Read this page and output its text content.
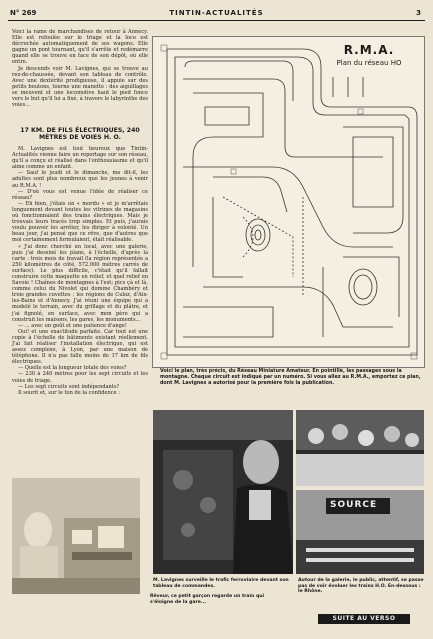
N° 269	TINTIN-ACTUALITÉS	3

Voici la rame de marchandises de retour à Annecy. Elle est refoulée sur le triage et la loco est décrochée automatiquement de ses wagons. Elle gagne un pont tournant, qu'il s'arrête et redémarre quand elle se trouve en face de son dépôt, où elle entre.

Je descends voir M. Lavignes, qui se trouve au rez-de-chaussée, devant son tableau de contrôle. Avec une dextérité prodigieuse, il appuie sur des petits boutons, tourne une manette : des aiguillages se meuvent et une locomotive haut le pied fonce vers le but qu'il lui a fixé, à travers le labyrinthe des voies...

17 KM. DE FILS ÉLECTRIQUES, 240 MÈTRES DE VOIES H. O.

M. Lavignes est tout heureux que Tintin-Actualités vienne faire un reportage sur son réseau, qu'il a conçu et réalisé dans l'enthousiasme et qu'il aime comme un enfant.

— Sauf le jeudi et le dimanche, me dit-il, les adultes sont plus nombreux que les jeunes à venir au R.M.A. !

— D'où vous est venue l'idée de réaliser ce réseau?

— Eh bien, j'étais un « mordu » et je m'arrêtais longuement devant toutes les vitrines de magasins où fonctionnaient des trains électriques. Mais je trouvais leurs tracés trop simples. Et puis, j'aurais voulu pouvoir les arrêter, les diriger à volonté. Un beau jour, j'ai pensé que ce rêve, que d'autres que moi certainement formulaient, était réalisable.

« J'ai donc cherché un local, avec une galerie, puis j'ai dessiné les plans, à l'échelle, d'après la carte : trois mois de travail (la région représentée a 250 kilomètres de côté, 572.000 mètres carrés de surface). Le plus difficile, c'était qu'il fallait construire cette maquette en relief, et quel relief en Savoie ! Chaînes de montagnes à l'est; pics çà et là, comme celui du Nivolet qui domine Chambéry et trois grandes cuvettes : les régions de Culoz, d'Aix-les-Bains et d'Annecy. J'ai réuni une équipe qui a modelé le terrain, avec du grillage et du plâtre, et j'ai fignolé, en surface, avec mon père qui a construit les maisons, les gares, les monuments...

— ... avec un goût et une patience d'ange!

Oui! et une exactitude parfaite. Car tout est une copie à l'échelle de bâtiments existant réellement. J'ai fait réaliser l'installation électrique, qui est assez complexe, à Lyon, par une maison de téléphone. Il n'a pas fallu moins de 17 km de fils électriques.

— Quelle est la longueur totale des voies?

— 230 à 240 mètres pour les sept circuits et les voies de triage.

— Les sept circuits sont indépendants?

Il sourit et, sur le ton de la confidence :

R.M.A.
Plan du réseau HO
Voici le plan, très précis, du Réseau Miniature Amateur. En pointillé, les passages sous la montagne. Chaque circuit est indiqué par un numéro. Si vous allez au R.M.A., emportez ce plan, dont M. Lavignes a autorisé pour la première fois la publication.
Rêveur, ce petit garçon regarde un train qui s'éloigne de la gare...
M. Lavignes surveille le trafic ferroviaire devant son tableau de commandes.
SOURCE
Autour de la galerie, le public, attentif, se passe pas de voir évoluer les trains H.O. En-dessous : le Rhône.
SUITE AU VERSO
